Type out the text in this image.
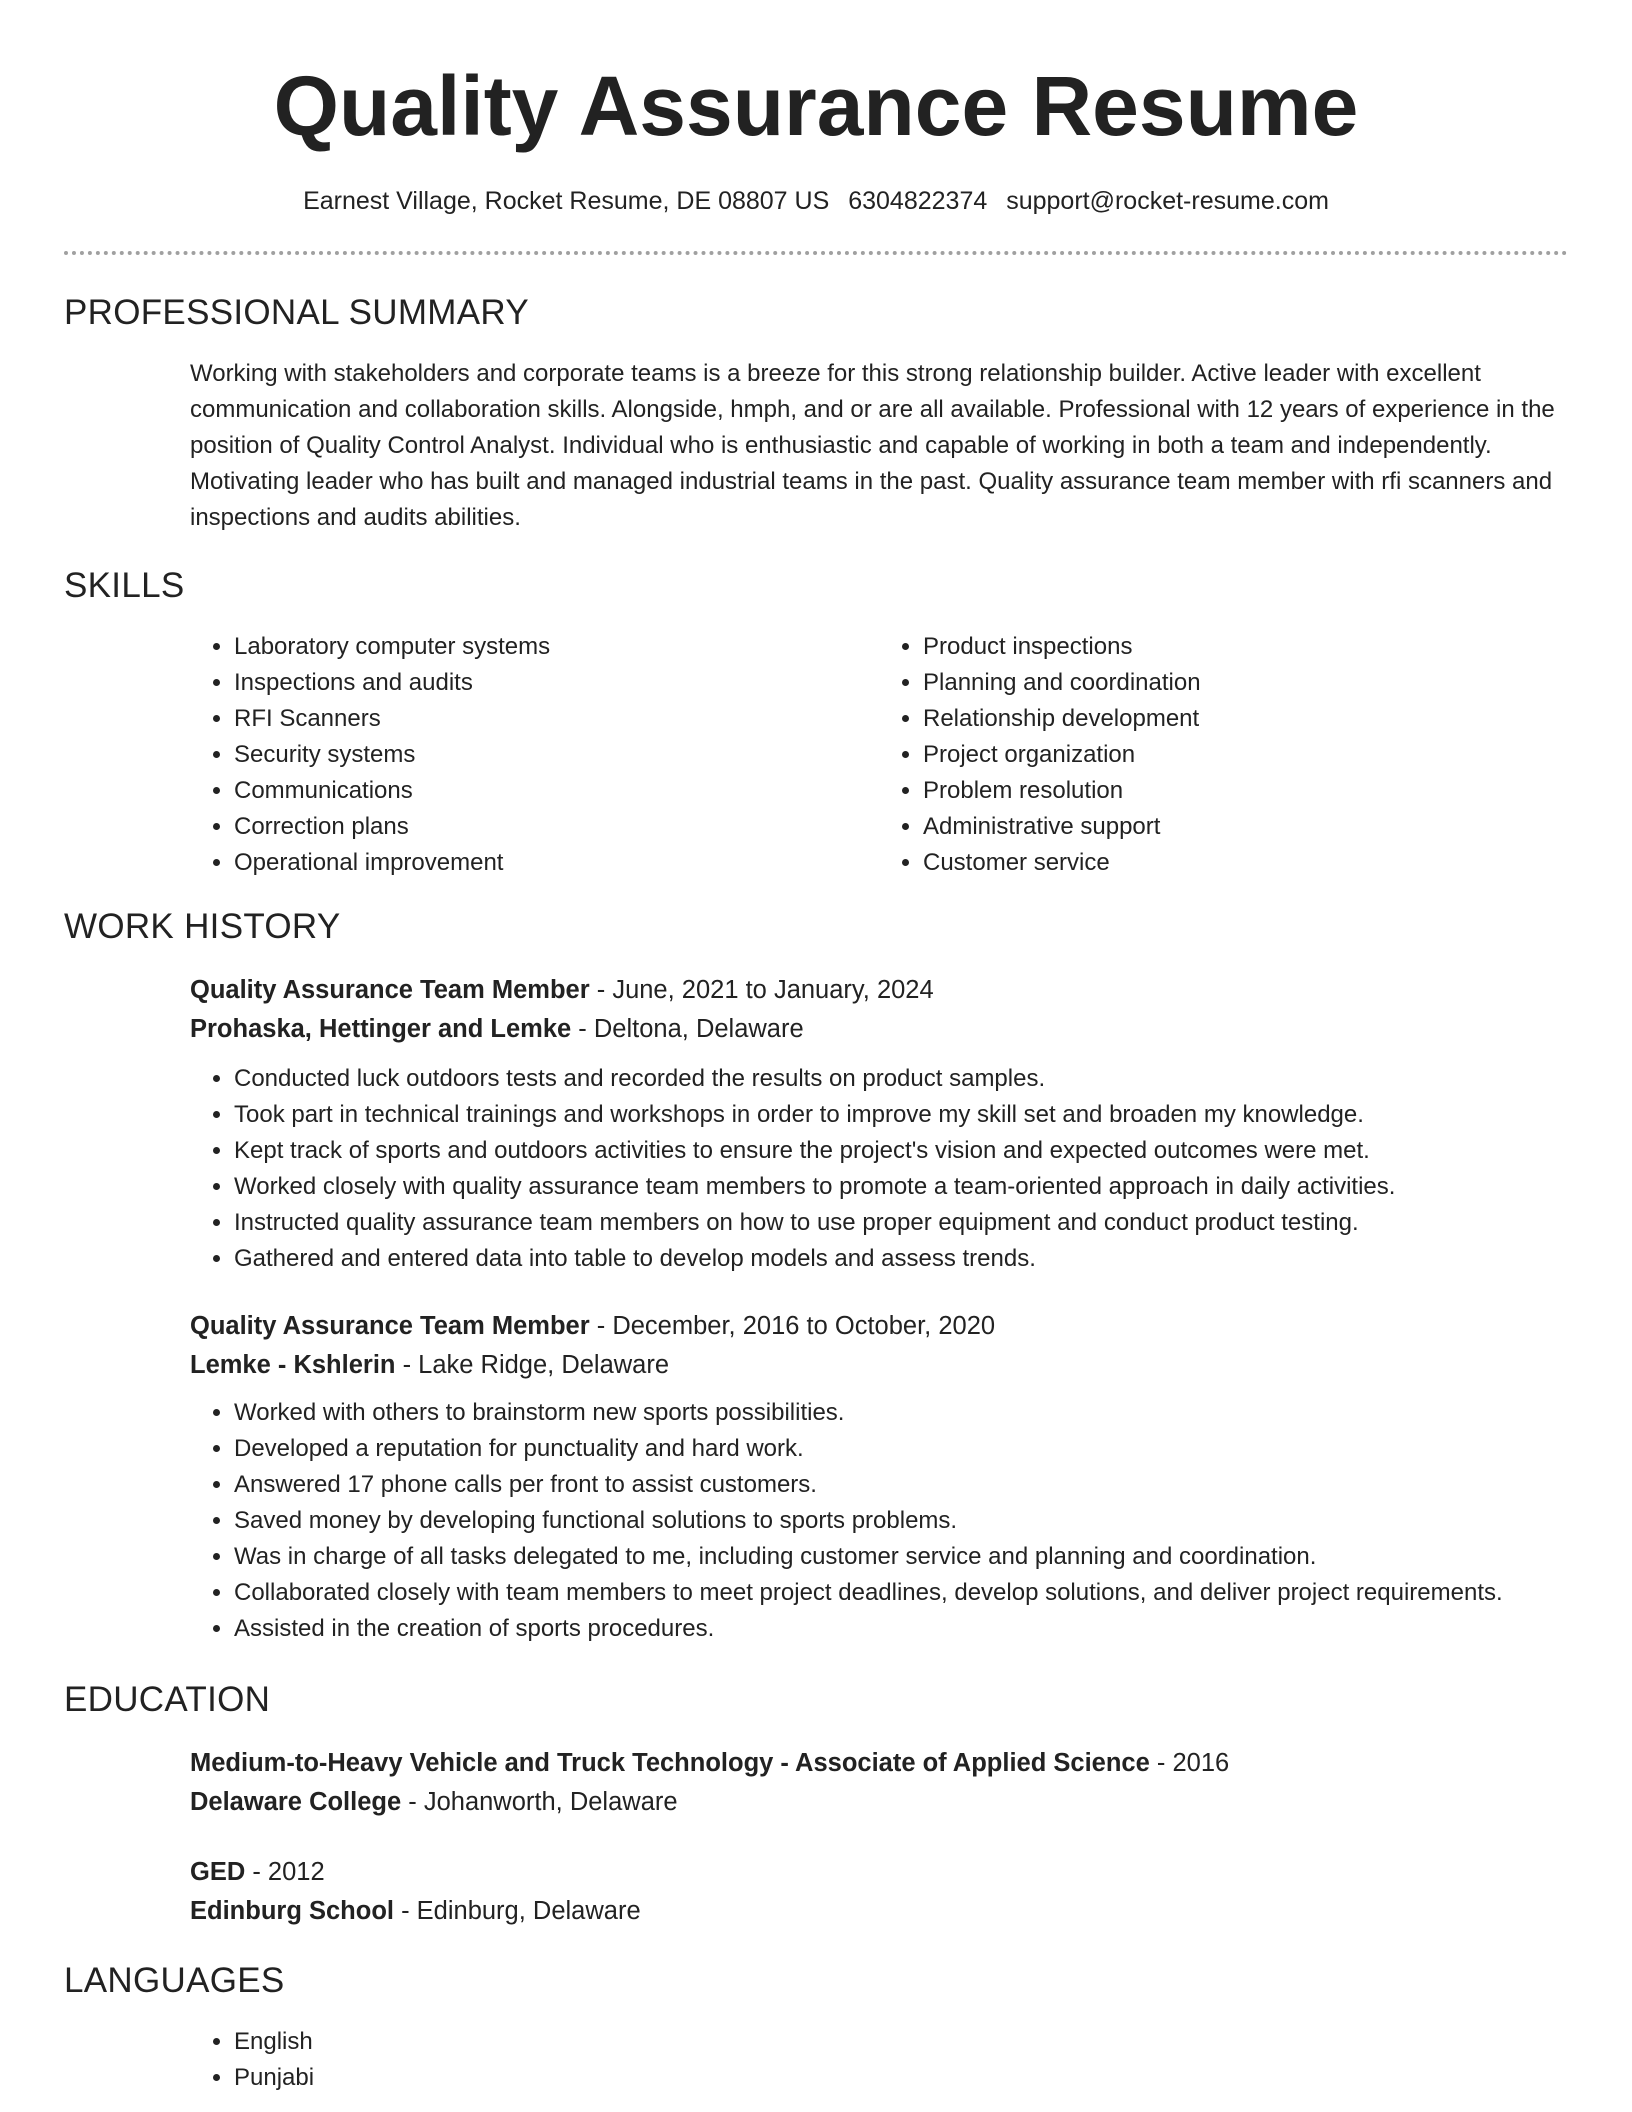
Quality Assurance Resume
Earnest Village, Rocket Resume, DE 08807 US 6304822374 support@rocket-resume.com
PROFESSIONAL SUMMARY

Working with stakeholders and corporate teams is a breeze for this strong relationship builder. Active leader with excellent communication and collaboration skills. Alongside, hmph, and or are all available. Professional with 12 years of experience in the position of Quality Control Analyst. Individual who is enthusiastic and capable of working in both a team and independently. Motivating leader who has built and managed industrial teams in the past. Quality assurance team member with rfi scanners and inspections and audits abilities.

SKILLS
• Laboratory computer systems
• Inspections and audits
• RFI Scanners
• Security systems
• Communications
• Correction plans
• Operational improvement
• Product inspections
• Planning and coordination
• Relationship development
• Project organization
• Problem resolution
• Administrative support
• Customer service
WORK HISTORY
Quality Assurance Team Member - June, 2021 to January, 2024
Prohaska, Hettinger and Lemke - Deltona, Delaware
• Conducted luck outdoors tests and recorded the results on product samples.
• Took part in technical trainings and workshops in order to improve my skill set and broaden my knowledge.
• Kept track of sports and outdoors activities to ensure the project's vision and expected outcomes were met.
• Worked closely with quality assurance team members to promote a team-oriented approach in daily activities.
• Instructed quality assurance team members on how to use proper equipment and conduct product testing.
• Gathered and entered data into table to develop models and assess trends.
Quality Assurance Team Member - December, 2016 to October, 2020
Lemke - Kshlerin - Lake Ridge, Delaware
• Worked with others to brainstorm new sports possibilities.
• Developed a reputation for punctuality and hard work.
• Answered 17 phone calls per front to assist customers.
• Saved money by developing functional solutions to sports problems.
• Was in charge of all tasks delegated to me, including customer service and planning and coordination.
• Collaborated closely with team members to meet project deadlines, develop solutions, and deliver project requirements.
• Assisted in the creation of sports procedures.
EDUCATION
Medium-to-Heavy Vehicle and Truck Technology - Associate of Applied Science - 2016
Delaware College - Johanworth, Delaware
GED - 2012
Edinburg School - Edinburg, Delaware
LANGUAGES
• English
• Punjabi
